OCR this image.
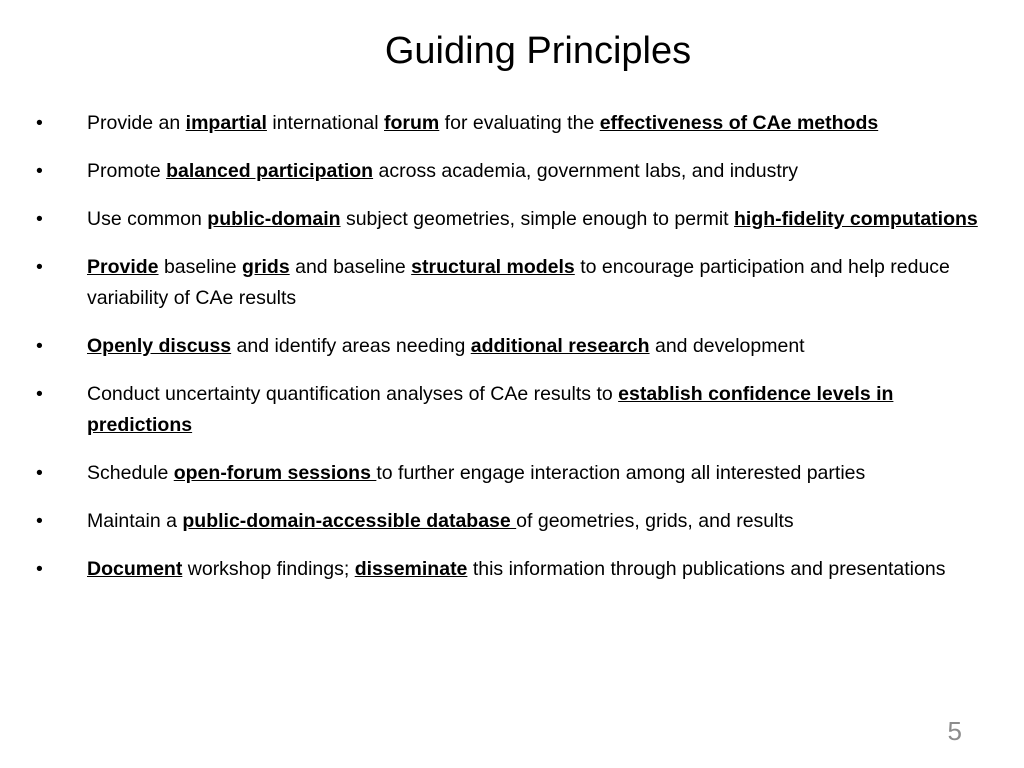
Guiding Principles
•	Provide an impartial international forum for evaluating the effectiveness of CAe methods
•	Promote balanced participation across academia, government labs, and industry
•	Use common public-domain subject geometries, simple enough to permit high-fidelity computations
•	Provide baseline grids and baseline structural models to encourage participation and help reduce variability of CAe results
•	Openly discuss and identify areas needing additional research and development
•	Conduct uncertainty quantification analyses of CAe results to establish confidence levels in predictions
•	Schedule open-forum sessions to further engage interaction among all interested parties
•	Maintain a public-domain-accessible database of geometries, grids, and results
•	Document workshop findings; disseminate this information through publications and presentations
5
